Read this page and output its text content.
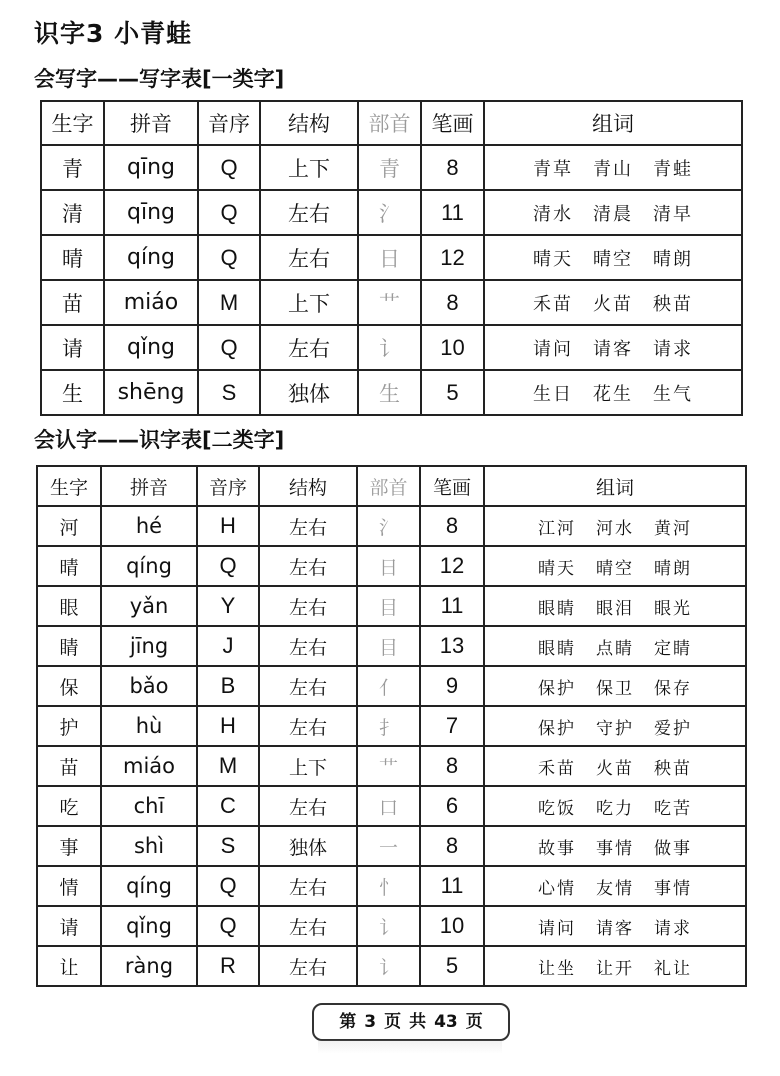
识字3 小青蛙
会写字——写字表[一类字]
生字	拼音	音序	结构	部首	笔画	组词
青	qīng	Q	上下	青	8	青草 青山 青蛙
清	qīng	Q	左右	氵	11	清水 清晨 清早
晴	qíng	Q	左右	日	12	晴天 晴空 晴朗
苗	miáo	M	上下	艹	8	禾苗 火苗 秧苗
请	qǐng	Q	左右	讠	10	请问 请客 请求
生	shēng	S	独体	生	5	生日 花生 生气
会认字——识字表[二类字]
生字	拼音	音序	结构	部首	笔画	组词
河	hé	H	左右	氵	8	江河 河水 黄河
晴	qíng	Q	左右	日	12	晴天 晴空 晴朗
眼	yǎn	Y	左右	目	11	眼睛 眼泪 眼光
睛	jīng	J	左右	目	13	眼睛 点睛 定睛
保	bǎo	B	左右	亻	9	保护 保卫 保存
护	hù	H	左右	扌	7	保护 守护 爱护
苗	miáo	M	上下	艹	8	禾苗 火苗 秧苗
吃	chī	C	左右	口	6	吃饭 吃力 吃苦
事	shì	S	独体	一	8	故事 事情 做事
情	qíng	Q	左右	忄	11	心情 友情 事情
请	qǐng	Q	左右	讠	10	请问 请客 请求
让	ràng	R	左右	讠	5	让坐 让开 礼让
第 3 页 共 43 页
